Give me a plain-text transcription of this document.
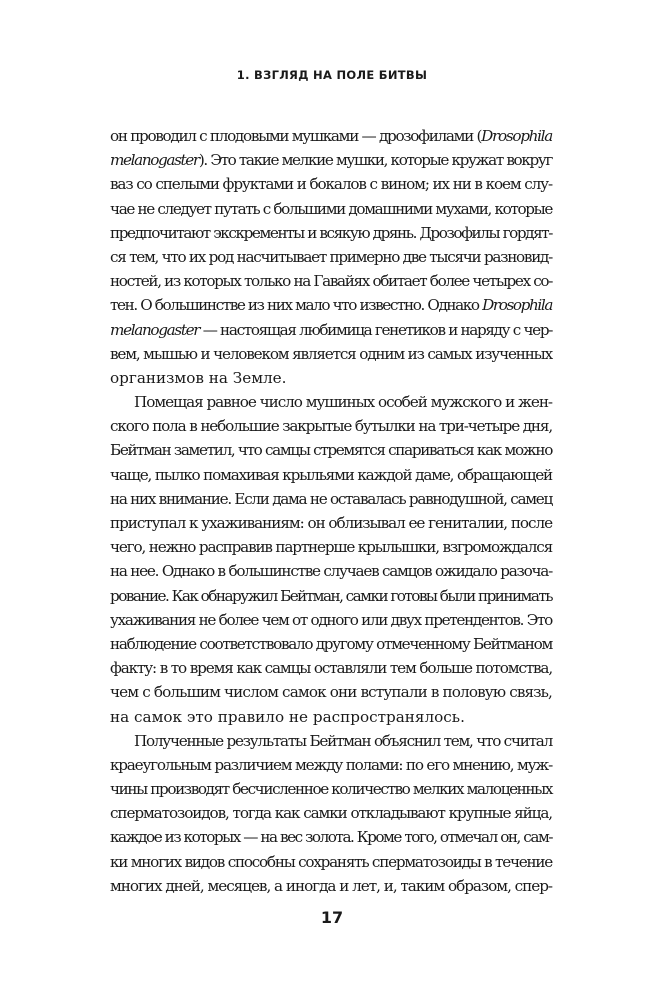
1. ВЗГЛЯД НА ПОЛЕ БИТВЫ
он проводил с плодовыми мушками — дрозофилами (Drosophila
melanogaster). Это такие мелкие мушки, которые кружат вокруг
ваз со спелыми фруктами и бокалов с вином; их ни в коем слу-
чае не следует путать с большими домашними мухами, которые
предпочитают экскременты и всякую дрянь. Дрозофилы гордят-
ся тем, что их род насчитывает примерно две тысячи разновид-
ностей, из которых только на Гавайях обитает более четырех со-
тен. О большинстве из них мало что известно. Однако Drosophila
melanogaster — настоящая любимица генетиков и наряду с чер-
вем, мышью и человеком является одним из самых изученных
организмов на Земле.
Помещая равное число мушиных особей мужского и жен-
ского пола в небольшие закрытые бутылки на три-четыре дня,
Бейтман заметил, что самцы стремятся спариваться как можно
чаще, пылко помахивая крыльями каждой даме, обращающей
на них внимание. Если дама не оставалась равнодушной, самец
приступал к ухаживаниям: он облизывал ее гениталии, после
чего, нежно расправив партнерше крылышки, взгромождался
на нее. Однако в большинстве случаев самцов ожидало разоча-
рование. Как обнаружил Бейтман, самки готовы были принимать
ухаживания не более чем от одного или двух претендентов. Это
наблюдение соответствовало другому отмеченному Бейтманом
факту: в то время как самцы оставляли тем больше потомства,
чем с большим числом самок они вступали в половую связь,
на самок это правило не распространялось.
Полученные результаты Бейтман объяснил тем, что считал
краеугольным различием между полами: по его мнению, муж-
чины производят бесчисленное количество мелких малоценных
сперматозоидов, тогда как самки откладывают крупные яйца,
каждое из которых — на вес золота. Кроме того, отмечал он, сам-
ки многих видов способны сохранять сперматозоиды в течение
многих дней, месяцев, а иногда и лет, и, таким образом, спер-
17
